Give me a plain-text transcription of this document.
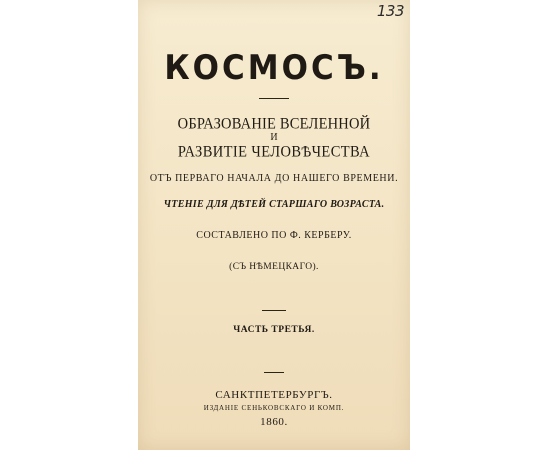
133
КОСМОСЪ.
ОБРАЗОВАНІЕ ВСЕЛЕННОЙ
И
РАЗВИТІЕ ЧЕЛОВѢЧЕСТВА
ОТЪ ПЕРВАГО НАЧАЛА ДО НАШЕГО ВРЕМЕНИ.
ЧТЕНІЕ ДЛЯ ДѢТЕЙ СТАРШАГО ВОЗРАСТА.
СОСТАВЛЕНО ПО Ф. КЕРБЕРУ.
(СЪ НѢМЕЦКАГО).
ЧАСТЬ ТРЕТЬЯ.
САНКТПЕТЕРБУРГЪ.
ИЗДАНІЕ СЕНЬКОВСКАГО И КОМП.
1860.
